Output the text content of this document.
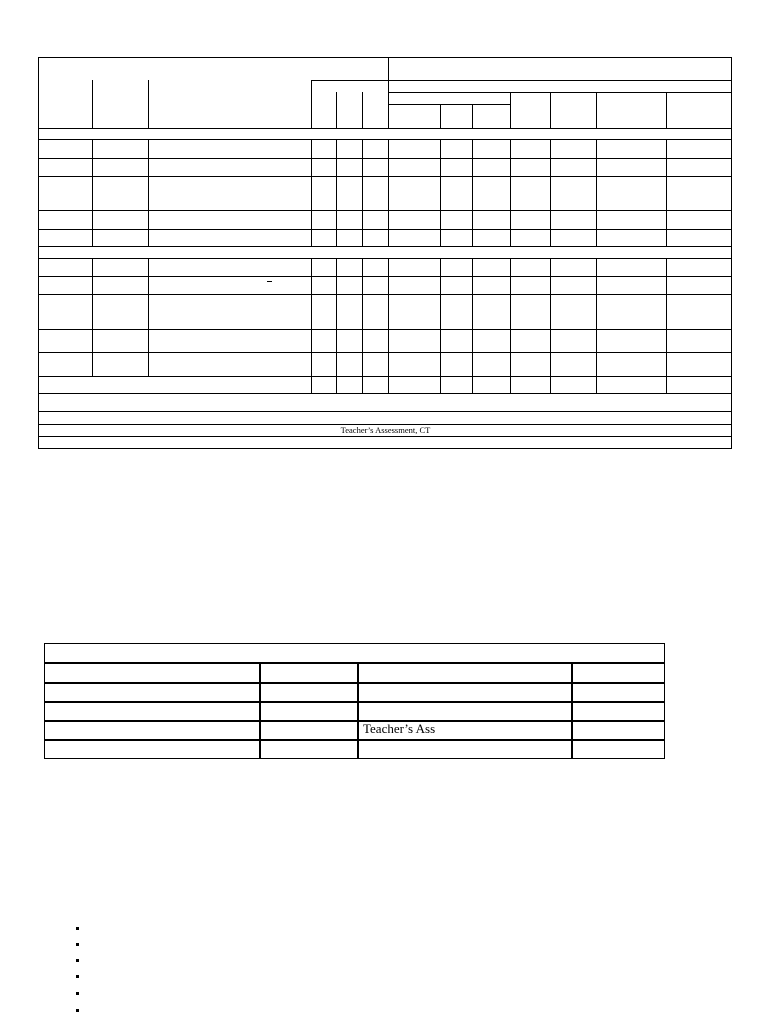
Teacher’s Assessment, CT
Teacher’s Ass
